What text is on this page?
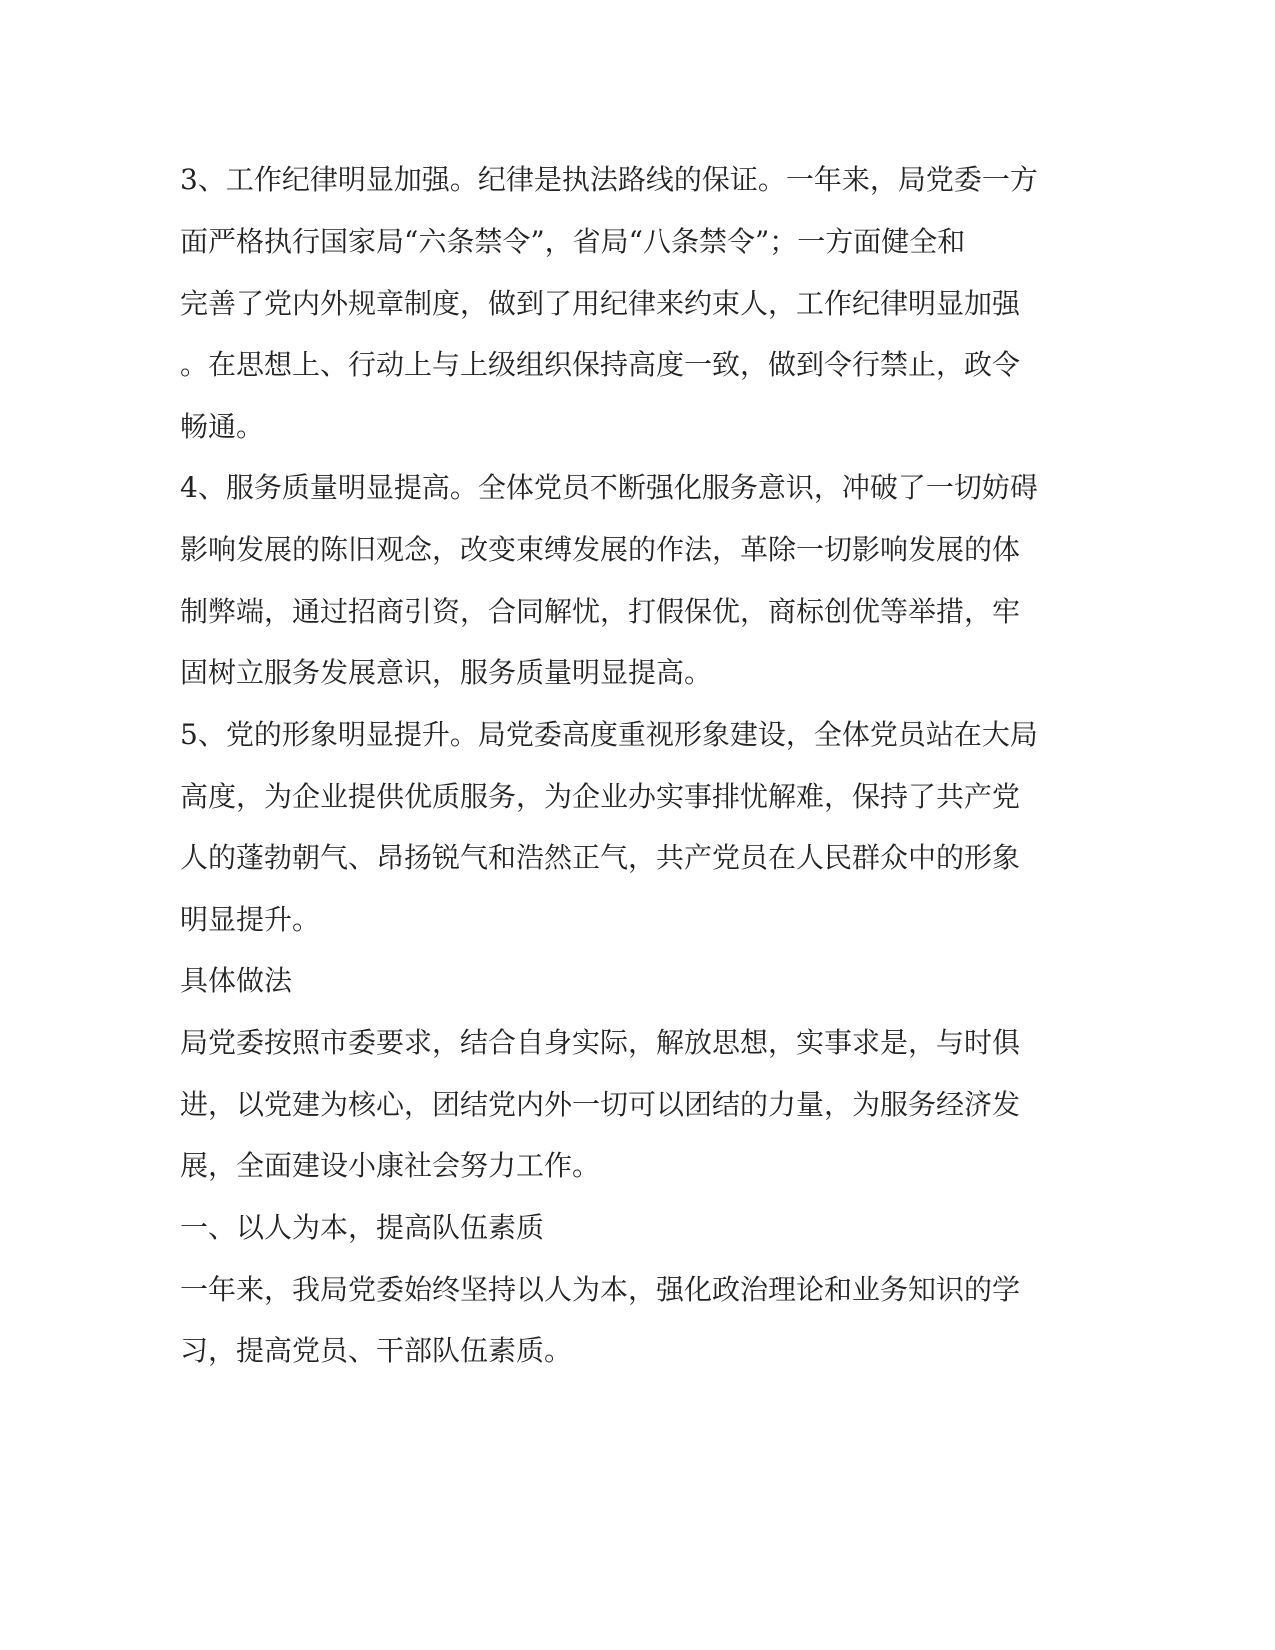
3、工作纪律明显加强。纪律是执法路线的保证。一年来，局党委一方

面严格执行国家局“六条禁令”，省局“八条禁令”；一方面健全和

完善了党内外规章制度，做到了用纪律来约束人，工作纪律明显加强

。在思想上、行动上与上级组织保持高度一致，做到令行禁止，政令

畅通。

4、服务质量明显提高。全体党员不断强化服务意识，冲破了一切妨碍

影响发展的陈旧观念，改变束缚发展的作法，革除一切影响发展的体

制弊端，通过招商引资，合同解忧，打假保优，商标创优等举措，牢

固树立服务发展意识，服务质量明显提高。

5、党的形象明显提升。局党委高度重视形象建设，全体党员站在大局

高度，为企业提供优质服务，为企业办实事排忧解难，保持了共产党

人的蓬勃朝气、昂扬锐气和浩然正气，共产党员在人民群众中的形象

明显提升。

具体做法

局党委按照市委要求，结合自身实际，解放思想，实事求是，与时俱

进，以党建为核心，团结党内外一切可以团结的力量，为服务经济发

展，全面建设小康社会努力工作。

一、以人为本，提高队伍素质

一年来，我局党委始终坚持以人为本，强化政治理论和业务知识的学

习，提高党员、干部队伍素质。
